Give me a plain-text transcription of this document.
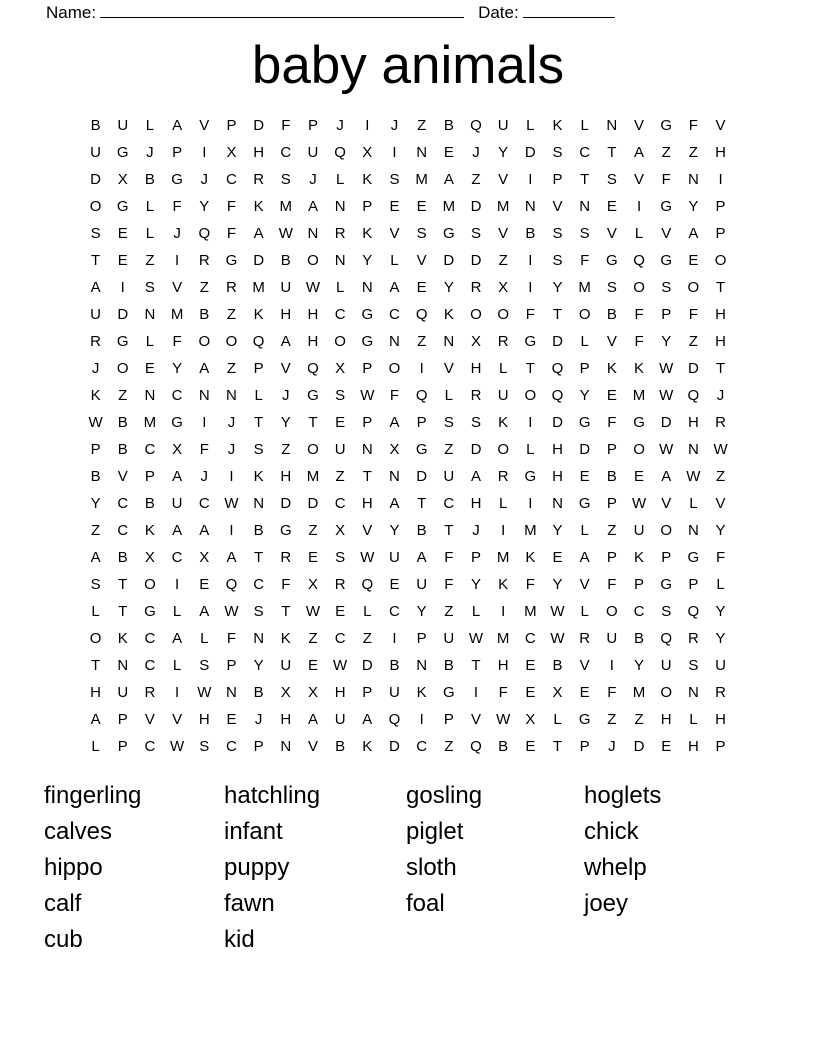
Name:	Date:
baby animals
B	U	L	A	V	P	D	F	P	J	I	J	Z	B	Q	U	L	K	L	N	V	G	F	V
U	G	J	P	I	X	H	C	U	Q	X	I	N	E	J	Y	D	S	C	T	A	Z	Z	H
D	X	B	G	J	C	R	S	J	L	K	S	M	A	Z	V	I	P	T	S	V	F	N	I
O	G	L	F	Y	F	K	M	A	N	P	E	E	M	D	M	N	V	N	E	I	G	Y	P
S	E	L	J	Q	F	A	W N	R	K	V	S	G	S	V	B	S	S	V	L	V	A	P
T	E	Z	I	R	G	D	B	O	N	Y	L	V	D	D	Z	I	S	F	G	Q	G	E	O
A	I	S	V	Z	R	M	U W	L	N	A	E	Y	R	X	I	Y	M	S	O	S	O	T
U	D	N	M	B	Z	K	H	H	C	G	C	Q	K	O	O	F	T	O	B	F	P	F	H
R	G	L	F	O	O	Q	A	H	O	G	N	Z	N	X	R	G	D	L	V	F	Y	Z	H
J	O	E	Y	A	Z	P	V	Q	X	P	O	I	V	H	L	T	Q	P	K	K	W D	T
K	Z	N	C	N	N	L	J	G	S	W	F	Q	L	R	U	O	Q	Y	E	M W Q	J
W	B	M	G	I	J	T	Y	T	E	P	A	P	S	S	K	I	D	G	F	G	D	H	R
P	B	C	X	F	J	S	Z	O	U	N	X	G	Z	D	O	L	H	D	P	O W N W
B	V	P	A	J	I	K	H	M	Z	T	N	D	U	A	R	G	H	E	B	E	A	W	Z
Y	C	B	U	C W N	D	D	C	H	A	T	C	H	L	I	N	G	P	W	V	L	V
Z	C	K	A	A	I	B	G	Z	X	V	Y	B	T	J	I	M	Y	L	Z	U	O	N	Y
A	B	X	C	X	A	T	R	E	S	W U	A	F	P	M	K	E	A	P	K	P	G	F
S	T	O	I	E	Q	C	F	X	R	Q	E	U	F	Y	K	F	Y	V	F	P	G	P	L
L	T	G	L	A	W	S	T	W	E	L	C	Y	Z	L	I	M W	L	O	C	S	Q	Y
O	K	C	A	L	F	N	K	Z	C	Z	I	P	U W M	C W R	U	B	Q	R	Y
T	N	C	L	S	P	Y	U	E	W D	B	N	B	T	H	E	B	V	I	Y	U	S	U
H	U	R	I	W N	B	X	X	H	P	U	K	G	I	F	E	X	E	F	M	O	N	R
A	P	V	V	H	E	J	H	A	U	A	Q	I	P	V	W	X	L	G	Z	Z	H	L	H
L	P	C W	S	C	P	N	V	B	K	D	C	Z	Q	B	E	T	P	J	D	E	H	P
fingerling
calves
hippo
calf
cub
hatchling
infant
puppy
fawn
kid
gosling
piglet
sloth
foal
hoglets
chick
whelp
joey
